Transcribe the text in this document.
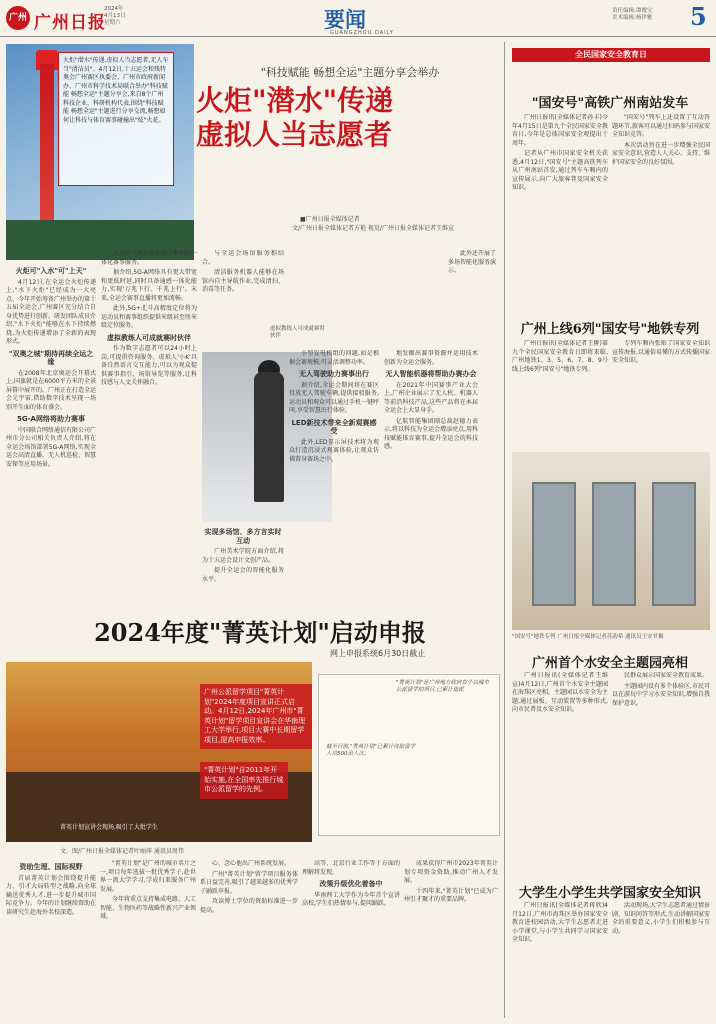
广州 广州日报
2024年
4月13日
星期六	要闻
GUANGZHOU DAILY
责任编辑:谭俊宝
美术编辑:杨伊雅 5
火炬"潜水"传递,虚拟人当志愿者,无人车当"清洁员"。4月12日,十五运会和残特奥会广州赛区执委会、广州市政府新闻办、广州市科学技术局联合举办"科技赋能 畅想全运"主题分享会,来自8个广州科技企业、科研机构代表,围绕"科技赋能 畅想全运"主题进行分享交流,畅想如何让科技与体育赛事碰撞出"炫"火花。
"科技赋能 畅想全运"主题分享会举办
火炬"潜水"传递
虚拟人当志愿者
■广州日报全媒体记者
文/广州日报全媒体记者方艳 视觉/广州日报全媒体记者王维宣
火炬可"入水"可"上天"

4月12日,在全运会火炬传递上,"水下火炬"已经成为一大亮点。今年开始筹备广州举办的第十五届全运会,广州赛区充分结合自身优势进行创新。研发团队成员介绍,"水下火炬"能够在水下持续燃烧,为火炬传递增添了全新的表现形式。

"双奥之城"期待再续全运之缘

在2008年北京奥运会开幕式上,国旗就是在6000平方米的全景屏幕中展开的。广州正在打造全运会元宇宙,借助数字技术呈现一场别开生面的体育盛会。

5G-A网络将助力赛事

中国联合网络通信有限公司广州市分公司相关负责人介绍,将在全运会场馆部署5G-A网络,实现全运会高清直播、无人机巡检、智慧安保等应用场景。

五运会三地办赛提供了便利的一体化赛事服务。

据介绍,5G-A网络具有更大带宽和更低时延,同时具备通感一体化能力,实现'万兆下行、千兆上行'。未来,全运会赛事直播将更加流畅。

此外,5G+北斗高精度定位将为运动员和赛事组织提供米级甚至厘米级定位服务。

虚拟教练人可成就赛时伙伴

作为数字志愿者可以24小时上岗,可提供咨询服务。虚拟人'小K'具备自然语言交互能力,可以为观众提供赛事指引、场馆导览等服务,让科技感与人文关怀融合。

与全运会场馆服务相结合。

清洁服务机器人能够在场馆内自主导航作业,完成清扫、消毒等任务。

虚拟教练人可成就赛时伙伴
实现多场馆、多方言实时互动

广州美术学院方面介绍,将为十五运会设计文创产品。

提升全运会的智能化服务水平。

小型发电机组的问题,而是根据会赛规模,可灵活调整功率。

无人驾驶助力赛事出行

据介绍,全运会期间将在赛区投放无人驾驶车辆,提供接驳服务,运动员和观众可以通过手机一键呼叫,享受智慧出行体验。

LED新技术带来全新观赛感受

此外,LED显示屏技术将为观众打造沉浸式观赛体验,让观众仿佛置身赛场之中。

地发掘出赛事资源并运用技术创新为全运会服务。

无人智能机器将帮助办赛办会

在2021年中国赛事产业大会上,广州企业展示了无人机、机器人等前沿科技产品,这些产品将在本届全运会上大显身手。

亿航智能集团副总裁赵德力表示,将以科技为全运会增添亮点,用科技赋能体育赛事,提升全运会的科技感。

此外还开展了多场智能化服务演示。

2024年度"菁英计划"启动申报
网上申报系统6月30日截止
广州公派留学项目"菁英计划"2024年度项目宣讲正式启动。4月12日,2024年广州市"菁英计划"留学项目宣讲会在华南理工大学举行,项目大赛中长期留学项目,提高申报效率。
"菁英计划"自2011年开始实施,在全国率先推行城市公派留学的先例。
菁英计划宣讲会现场,吸引了大批学生
文、图/广州日报全媒体记者叶丽萍 通讯员周伟
"菁英计划"是广州地方政府首个以城市公派留学的项目,已累计选派
截至目前,"菁英计划"已累计资助留学人员500余人次。
资助生理、国际视野

首届菁英计划会围绕提升能力、引才大局转型之战略,向全球输送优秀人才,进一步提升城市国际竞争力。今年的计划继续资助在读研究生赴海外名校深造。

"菁英计划"是广州的城市名片之一,项目每年选拔一批优秀学子,赴世界一流大学学习,学成归来服务广州发展。

今年将重点支持集成电路、人工智能、生物医药等战略性新兴产业领域。

心、念心他出广州系统发展。

广州"菁英计划"留学项目服务体系日益完善,吸引了越来越多的优秀学子踊跃申报。

攻读博士学位的资助标准进一步提高。

高等、北京行业工作等于方面的理解将发现,

改策升级优化着备中

华南理工大学作为今年首个宣讲高校,学生们热情参与,提问踊跃。

成果获得广州市2023年菁英计划专项资金资助,推动广州人才发展。

十四年来,"菁英计划"已成为广州引才聚才的重要品牌。

全民国家安全教育日
"国安号"高铁广州南站发车

广州日报讯(全媒体记者孙丰)今年4月15日是第九个全民国家安全教育日,今年是总体国家安全观提出十周年。

记者从广州市国家安全机关获悉,4月12日,"国安号"主题高铁列车从广州南站首发,通过列车车厢内的宣传展示,向广大旅客普及国家安全知识。

"国安号"列车上还设置了互动答题环节,旅客可以通过扫码参与国家安全知识竞答。

本次活动旨在进一步增强全民国家安全意识,营造人人关心、支持、维护国家安全的良好氛围。

广州上线6列"国安号"地铁专列

广州日报讯(全媒体记者王翀)第九个全民国家安全教育日即将来临,广州地铁1、3、5、6、7、8、9号线上线6列"国安号"地铁专列。

专列车厢内张贴了国家安全知识宣传海报,以通俗易懂的方式传播国家安全知识。

"国安号"地铁专列 广州日报全媒体记者苏韵希 通讯员王安君摄
广州首个水安全主题园亮相

广州日报讯(全媒体记者王维宣)4月12日,广州首个水安全主题园在海珠区亮相。主题园以水安全为主题,通过展板、互动装置等多种形式,向市民普及水安全知识。

民群众展示国家安全教育成果。

主题园内设有多个体验区,市民可以在游玩中学习水安全知识,增强自我保护意识。

大学生小学生共学国家安全知识

广州日报讯(全媒体记者蒋欣)4月12日,广州市海珠区举办国家安全教育进校园活动,大学生志愿者走进小学课堂,与小学生共同学习国家安全知识。

活动现场,大学生志愿者通过情景剧、知识问答等形式,生动讲解国家安全的重要意义,小学生们积极参与互动。
